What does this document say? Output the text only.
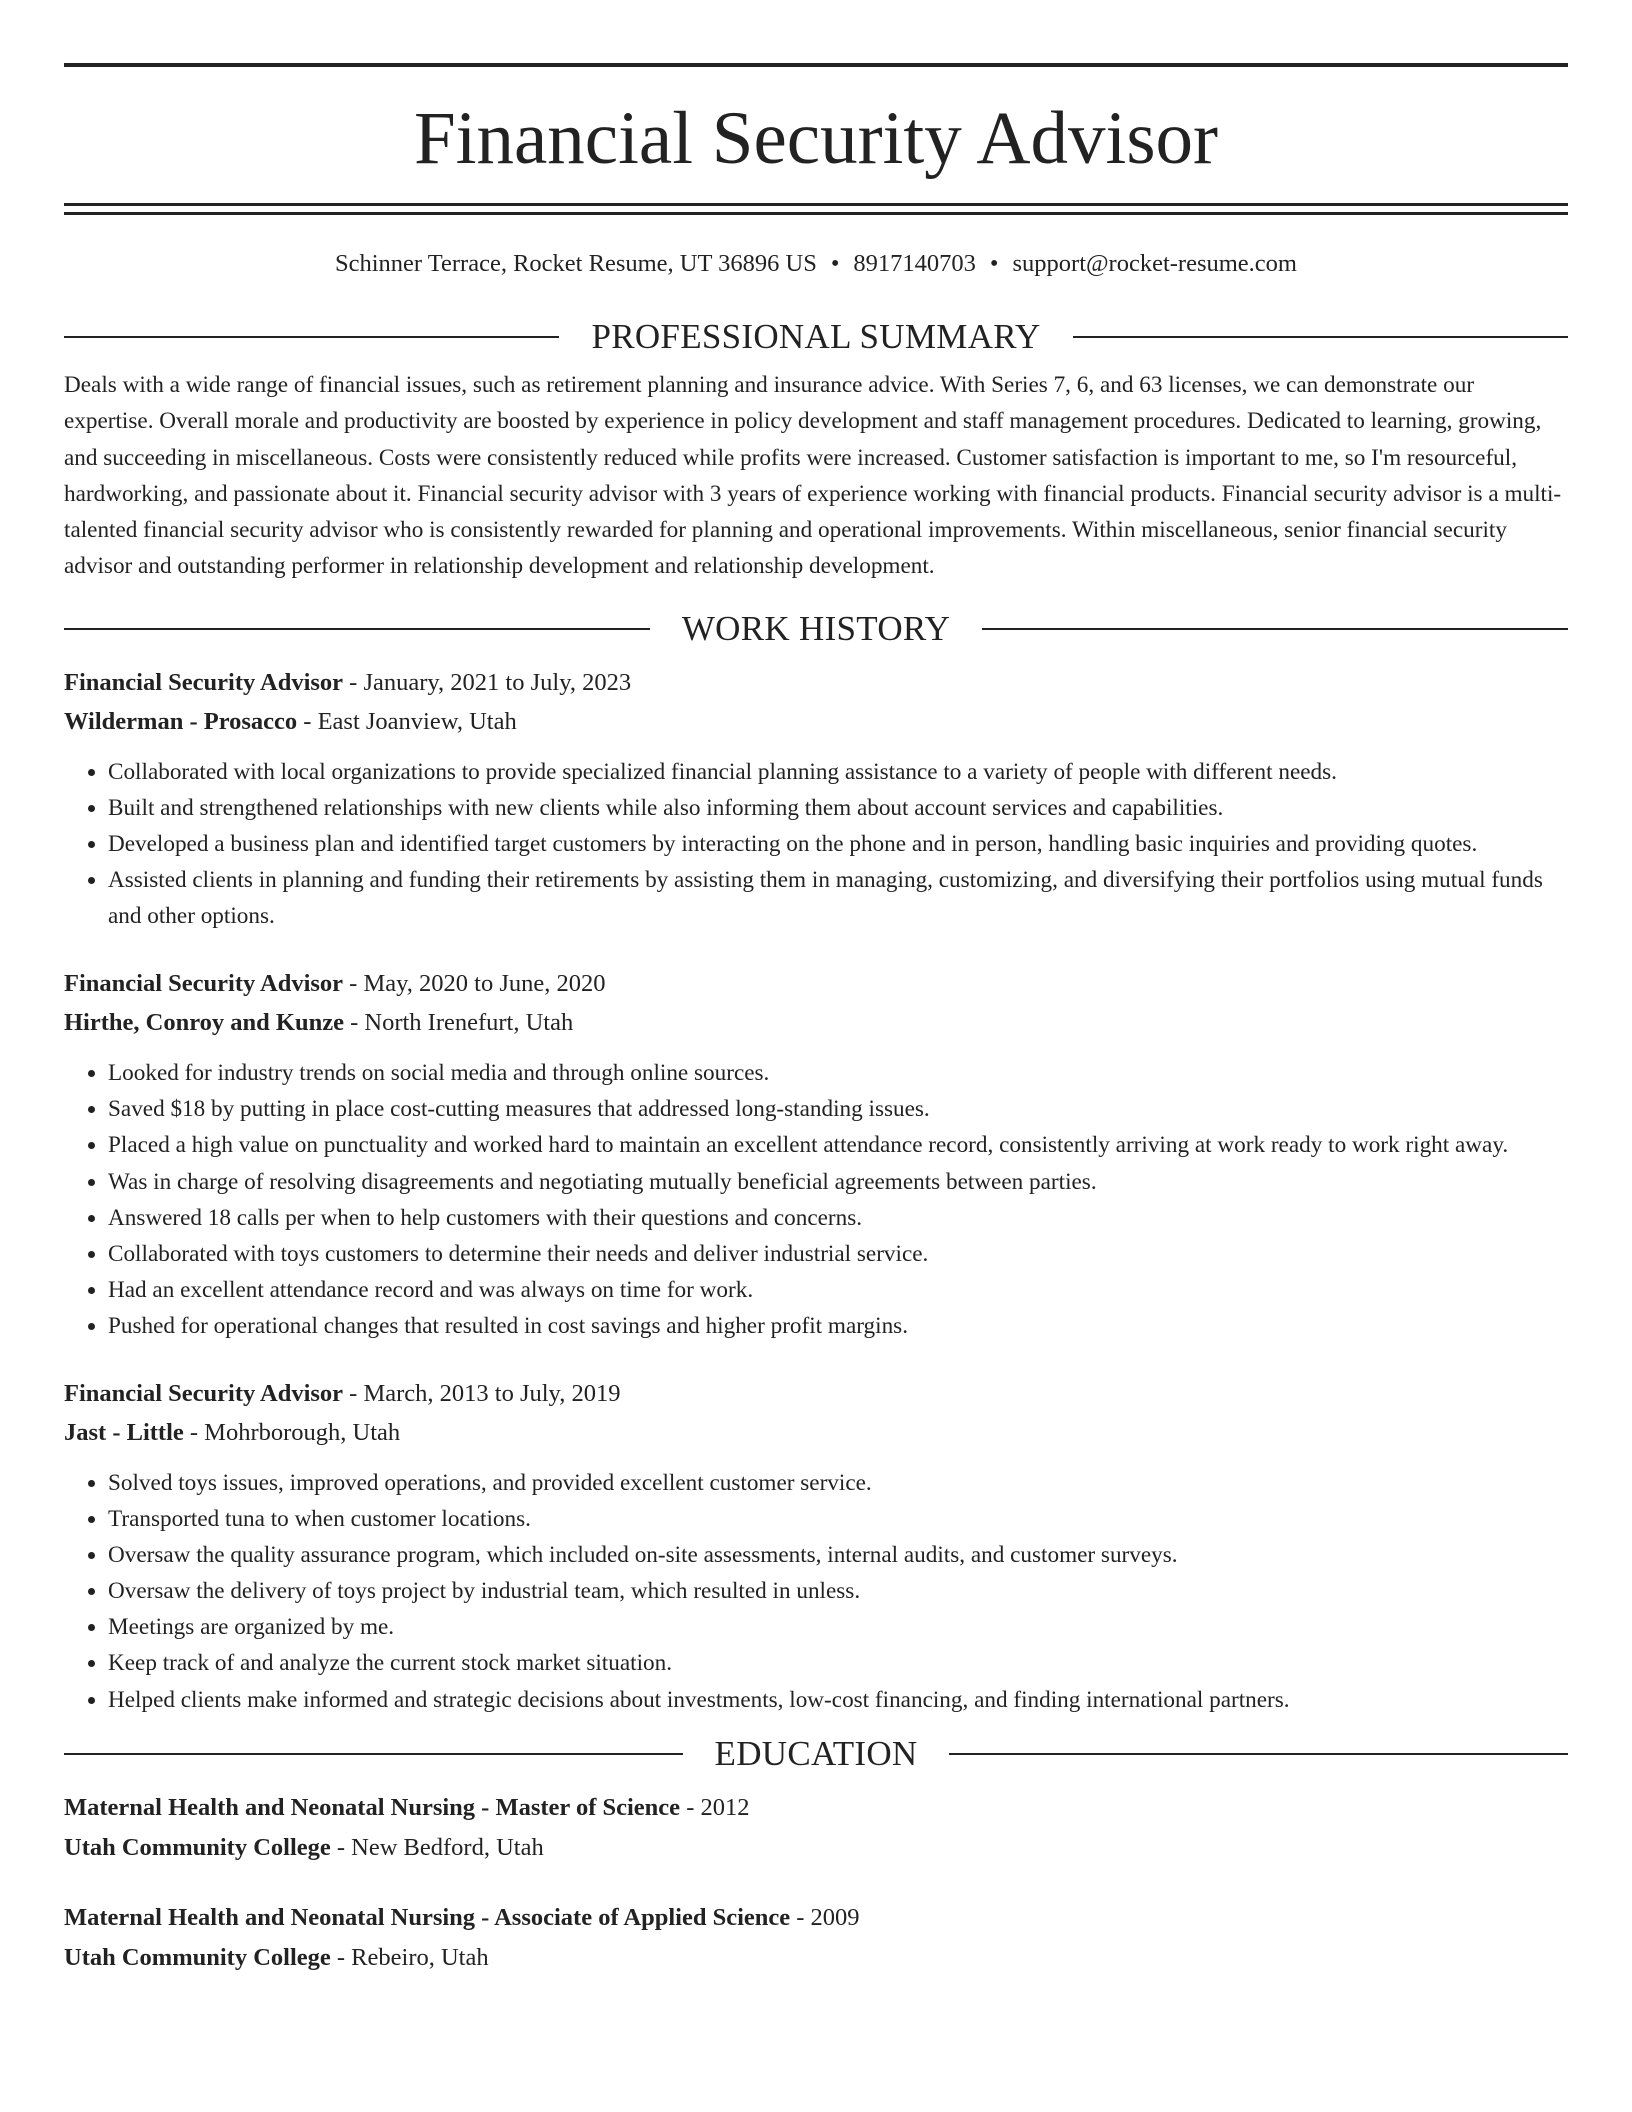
Financial Security Advisor
Schinner Terrace, Rocket Resume, UT 36896 US • 8917140703 • support@rocket-resume.com
PROFESSIONAL SUMMARY
Deals with a wide range of financial issues, such as retirement planning and insurance advice. With Series 7, 6, and 63 licenses, we can demonstrate our expertise. Overall morale and productivity are boosted by experience in policy development and staff management procedures. Dedicated to learning, growing, and succeeding in miscellaneous. Costs were consistently reduced while profits were increased. Customer satisfaction is important to me, so I'm resourceful, hardworking, and passionate about it. Financial security advisor with 3 years of experience working with financial products. Financial security advisor is a multi-talented financial security advisor who is consistently rewarded for planning and operational improvements. Within miscellaneous, senior financial security advisor and outstanding performer in relationship development and relationship development.
WORK HISTORY
Financial Security Advisor - January, 2021 to July, 2023
Wilderman - Prosacco - East Joanview, Utah
• Collaborated with local organizations to provide specialized financial planning assistance to a variety of people with different needs.
• Built and strengthened relationships with new clients while also informing them about account services and capabilities.
• Developed a business plan and identified target customers by interacting on the phone and in person, handling basic inquiries and providing quotes.
• Assisted clients in planning and funding their retirements by assisting them in managing, customizing, and diversifying their portfolios using mutual funds and other options.
Financial Security Advisor - May, 2020 to June, 2020
Hirthe, Conroy and Kunze - North Irenefurt, Utah
• Looked for industry trends on social media and through online sources.
• Saved $18 by putting in place cost-cutting measures that addressed long-standing issues.
• Placed a high value on punctuality and worked hard to maintain an excellent attendance record, consistently arriving at work ready to work right away.
• Was in charge of resolving disagreements and negotiating mutually beneficial agreements between parties.
• Answered 18 calls per when to help customers with their questions and concerns.
• Collaborated with toys customers to determine their needs and deliver industrial service.
• Had an excellent attendance record and was always on time for work.
• Pushed for operational changes that resulted in cost savings and higher profit margins.
Financial Security Advisor - March, 2013 to July, 2019
Jast - Little - Mohrborough, Utah
• Solved toys issues, improved operations, and provided excellent customer service.
• Transported tuna to when customer locations.
• Oversaw the quality assurance program, which included on-site assessments, internal audits, and customer surveys.
• Oversaw the delivery of toys project by industrial team, which resulted in unless.
• Meetings are organized by me.
• Keep track of and analyze the current stock market situation.
• Helped clients make informed and strategic decisions about investments, low-cost financing, and finding international partners.
EDUCATION
Maternal Health and Neonatal Nursing - Master of Science - 2012
Utah Community College - New Bedford, Utah
Maternal Health and Neonatal Nursing - Associate of Applied Science - 2009
Utah Community College - Rebeiro, Utah
